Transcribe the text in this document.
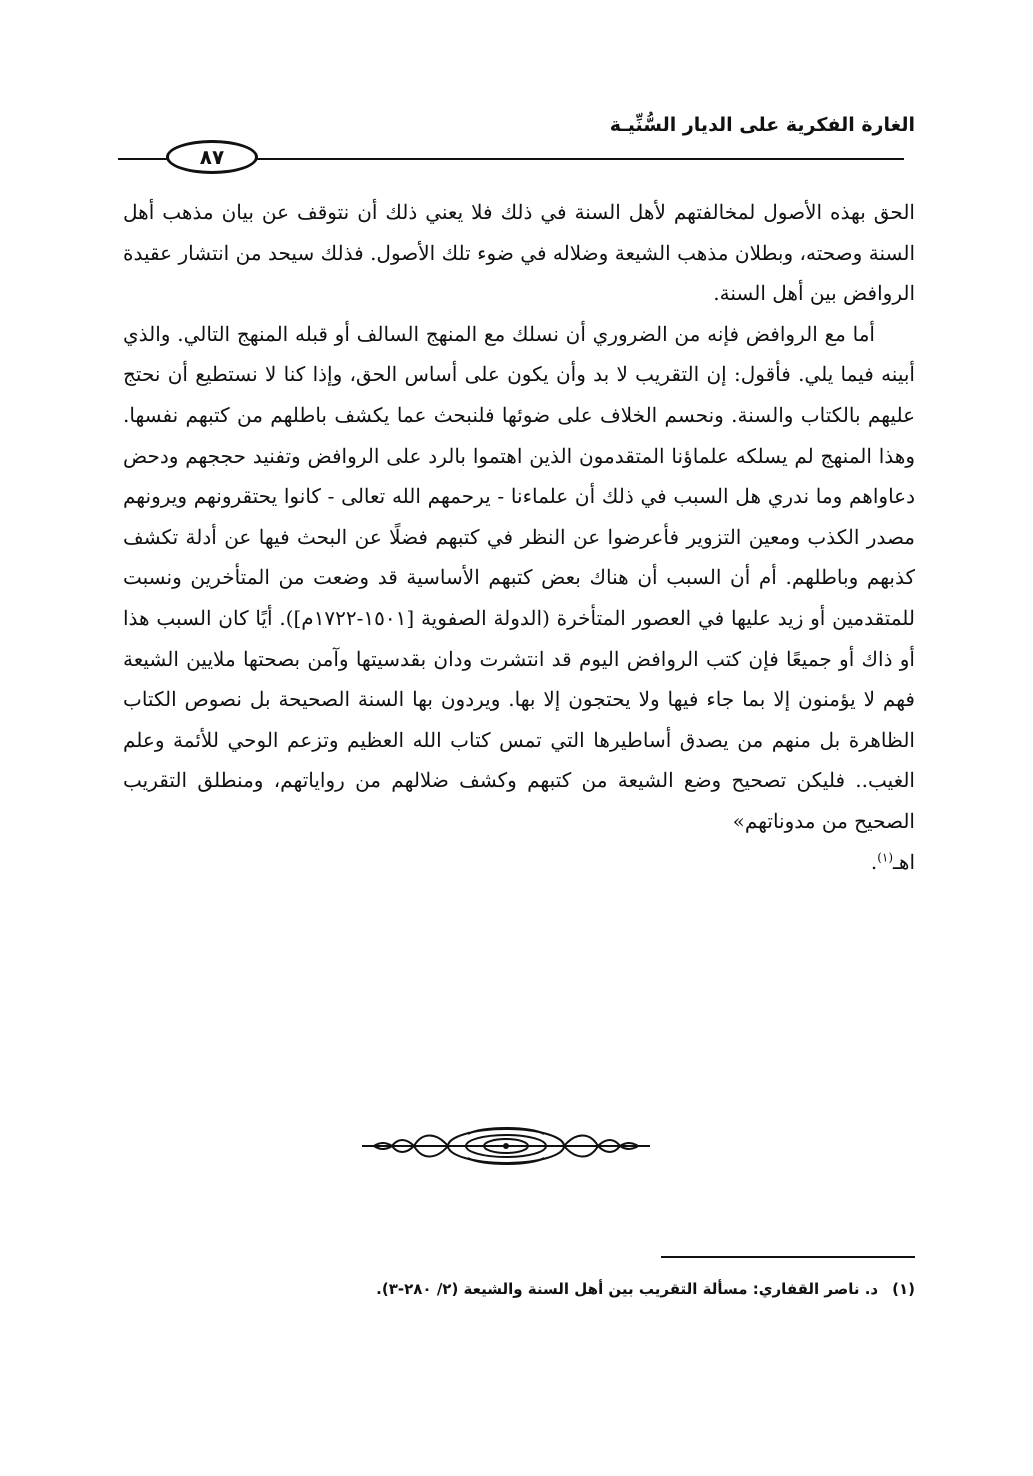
الغارة الفكرية على الديار السُّنِّيـة
٨٧

الحق بهذه الأصول لمخالفتهم لأهل السنة في ذلك فلا يعني ذلك أن نتوقف عن بيان مذهب أهل السنة وصحته، وبطلان مذهب الشيعة وضلاله في ضوء تلك الأصول. فذلك سيحد من انتشار عقيدة الروافض بين أهل السنة.

أما مع الروافض فإنه من الضروري أن نسلك مع المنهج السالف أو قبله المنهج التالي. والذي أبينه فيما يلي. فأقول: إن التقريب لا بد وأن يكون على أساس الحق، وإذا كنا لا نستطيع أن نحتج عليهم بالكتاب والسنة. ونحسم الخلاف على ضوئها فلنبحث عما يكشف باطلهم من كتبهم نفسها. وهذا المنهج لم يسلكه علماؤنا المتقدمون الذين اهتموا بالرد على الروافض وتفنيد حججهم ودحض دعاواهم وما ندري هل السبب في ذلك أن علماءنا - يرحمهم الله تعالى - كانوا يحتقرونهم ويرونهم مصدر الكذب ومعين التزوير فأعرضوا عن النظر في كتبهم فضلًا عن البحث فيها عن أدلة تكشف كذبهم وباطلهم. أم أن السبب أن هناك بعض كتبهم الأساسية قد وضعت من المتأخرين ونسبت للمتقدمين أو زيد عليها في العصور المتأخرة (الدولة الصفوية [١٥٠١-١٧٢٢م]). أيًا كان السبب هذا أو ذاك أو جميعًا فإن كتب الروافض اليوم قد انتشرت ودان بقدسيتها وآمن بصحتها ملايين الشيعة فهم لا يؤمنون إلا بما جاء فيها ولا يحتجون إلا بها. ويردون بها السنة الصحيحة بل نصوص الكتاب الظاهرة بل منهم من يصدق أساطيرها التي تمس كتاب الله العظيم وتزعم الوحي للأئمة وعلم الغيب.. فليكن تصحيح وضع الشيعة من كتبهم وكشف ضلالهم من رواياتهم، ومنطلق التقريب الصحيح من مدوناتهم»

اهـ$^{(١)}$.

(١)د. ناصر القفاري: مسألة التقريب بين أهل السنة والشيعة (٢/ ٢٨٠-٣).
